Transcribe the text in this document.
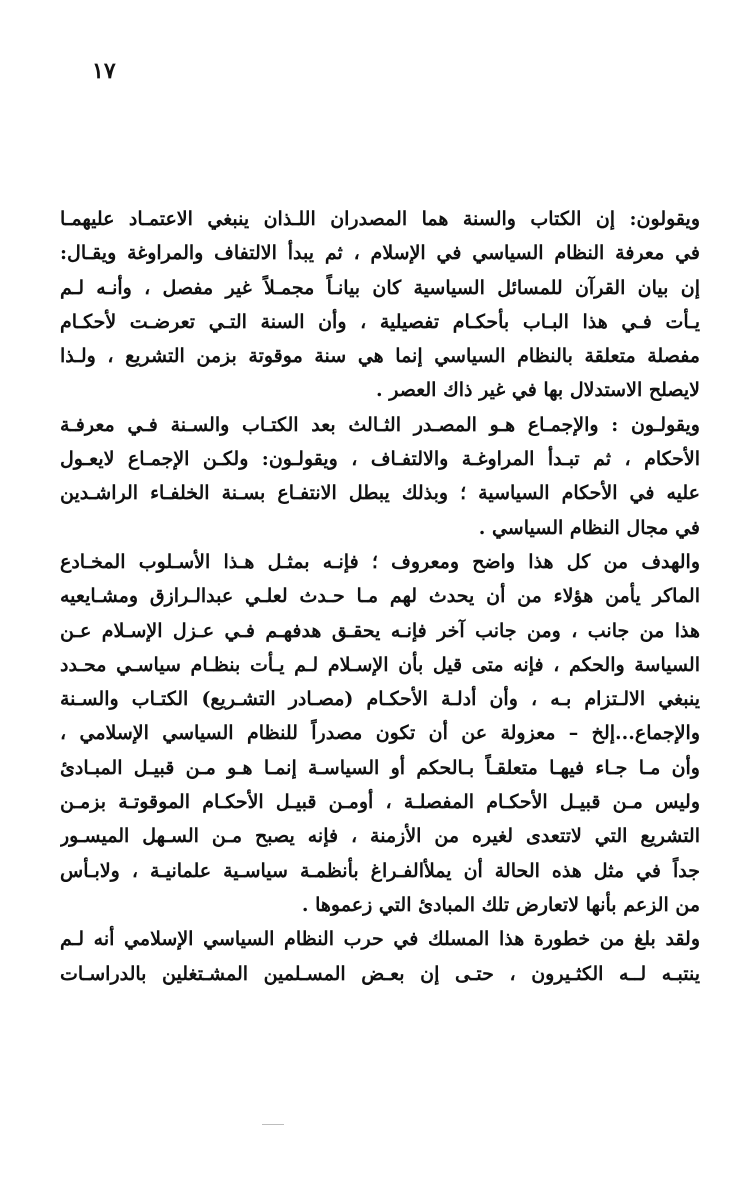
١٧
ويقولون: إن الكتاب والسنة هما المصدران اللـذان ينبغي الاعتمـاد عليهمـا
في معرفة النظام السياسي في الإسلام ، ثم يبدأ الالتفاف والمراوغة ويقـال:
إن بيان القرآن للمسائل السياسية كان بيانـاً مجمـلاً غير مفصل ، وأنـه لـم
يـأت فـي هذا البـاب بأحكـام تفصيلية ، وأن السنة التـي تعرضـت لأحكـام
مفصلة متعلقة بالنظام السياسي إنما هي سنة موقوتة بزمن التشريع ، ولـذا
لايصلح الاستدلال بها في غير ذاك العصر .
ويقولـون : والإجمـاع هـو المصـدر الثـالث بعد الكتـاب والسـنة فـي معرفـة
الأحكام ، ثم تبـدأ المراوغـة والالتفـاف ، ويقولـون: ولكـن الإجمـاع لايعـول
عليه في الأحكام السياسية ؛ وبذلك يبطل الانتفـاع بسـنة الخلفـاء الراشـدين
في مجال النظام السياسي .
والهدف من كل هذا واضح ومعروف ؛ فإنـه بمثـل هـذا الأسـلوب المخـادع
الماكر يأمن هؤلاء من أن يحدث لهم مـا حـدث لعلـي عبدالـرازق ومشـايعيه
هذا من جانب ، ومن جانب آخر فإنـه يحقـق هدفهـم فـي عـزل الإسـلام عـن
السياسة والحكم ، فإنه متى قيل بأن الإسـلام لـم يـأت بنظـام سياسـي محـدد
ينبغي الالـتزام بـه ، وأن أدلـة الأحكـام (مصـادر التشـريع) الكتـاب والسـنة
والإجماع...إلخ – معزولة عن أن تكون مصدراً للنظام السياسي الإسلامي ،
وأن مـا جـاء فيهـا متعلقـاً بـالحكم أو السياسـة إنمـا هـو مـن قبيـل المبـادئ
وليس مـن قبيـل الأحكـام المفصلـة ، أومـن قبيـل الأحكـام الموقوتـة بزمـن
التشريع التي لاتتعدى لغيره من الأزمنة ، فإنه يصبح مـن السـهل الميسـور
جداً في مثل هذه الحالة أن يملأالفـراغ بأنظمـة سياسـية علمانيـة ، ولابـأس
من الزعم بأنها لاتعارض تلك المبادئ التي زعموها .
ولقد بلغ من خطورة هذا المسلك في حرب النظام السياسي الإسلامي أنه لـم
ينتبـه لــه الكثـيرون ، حتـى إن بعـض المسـلمين المشـتغلين بالدراسـات
